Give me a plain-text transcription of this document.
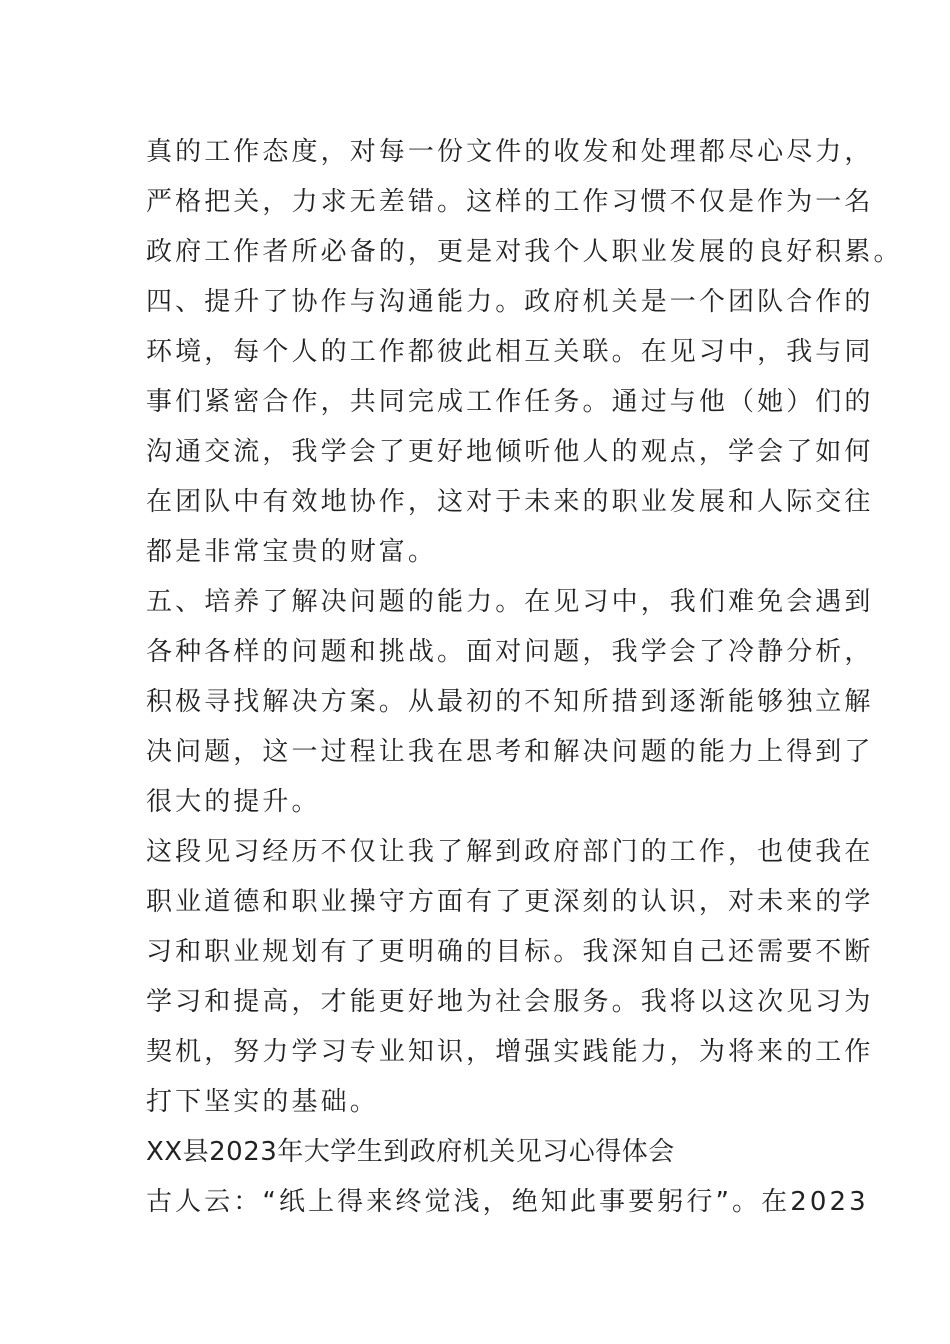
真的工作态度，对每一份文件的收发和处理都尽心尽力，
严格把关，力求无差错。这样的工作习惯不仅是作为一名
政府工作者所必备的，更是对我个人职业发展的良好积累。
四、提升了协作与沟通能力。政府机关是一个团队合作的
环境，每个人的工作都彼此相互关联。在见习中，我与同
事们紧密合作，共同完成工作任务。通过与他（她）们的
沟通交流，我学会了更好地倾听他人的观点，学会了如何
在团队中有效地协作，这对于未来的职业发展和人际交往
都是非常宝贵的财富。
五、培养了解决问题的能力。在见习中，我们难免会遇到
各种各样的问题和挑战。面对问题，我学会了冷静分析，
积极寻找解决方案。从最初的不知所措到逐渐能够独立解
决问题，这一过程让我在思考和解决问题的能力上得到了
很大的提升。
这段见习经历不仅让我了解到政府部门的工作，也使我在
职业道德和职业操守方面有了更深刻的认识，对未来的学
习和职业规划有了更明确的目标。我深知自己还需要不断
学习和提高，才能更好地为社会服务。我将以这次见习为
契机，努力学习专业知识，增强实践能力，为将来的工作
打下坚实的基础。
XX县2023年大学生到政府机关见习心得体会
古人云：“纸上得来终觉浅，绝知此事要躬行”。在2023
